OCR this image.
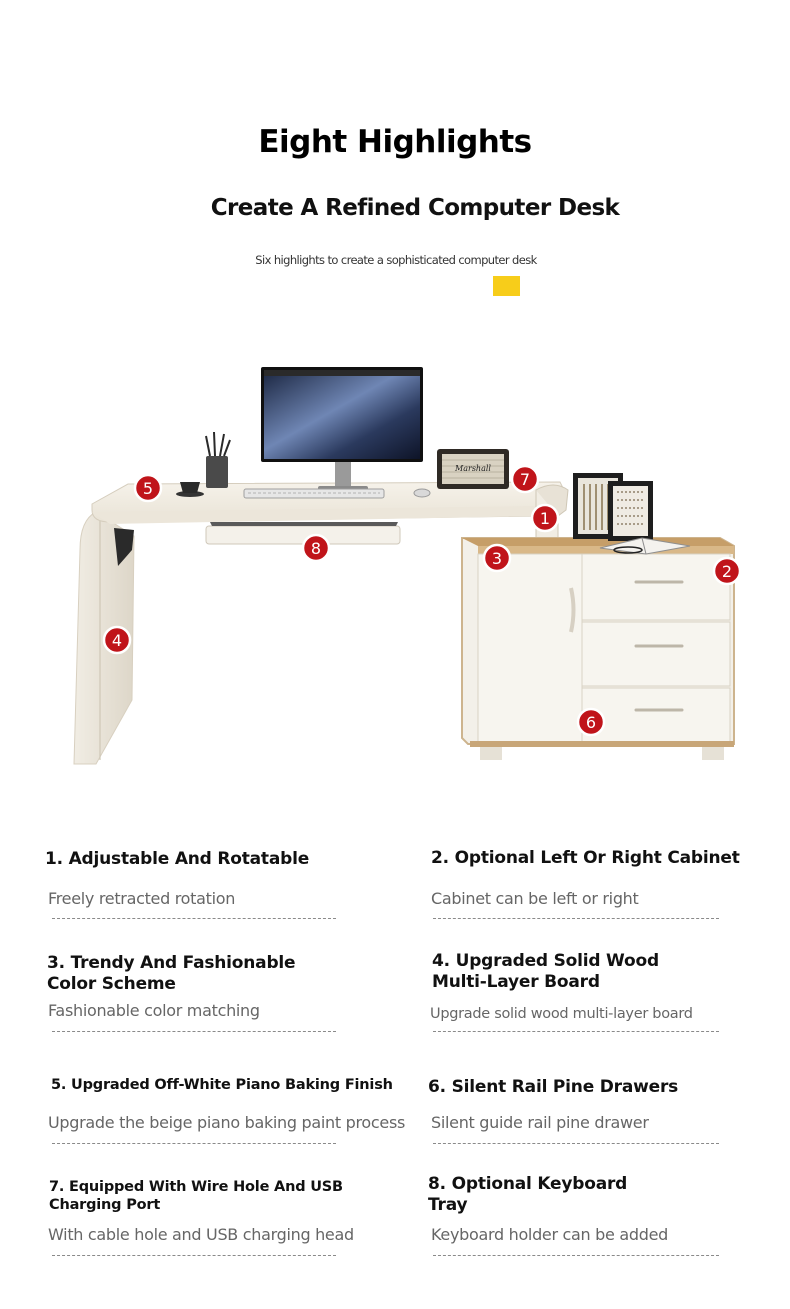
Eight Highlights
Create A Refined Computer Desk
Six highlights to create a sophisticated computer desk
Marshall
1
2
3
4
5
6
7
8
1. Adjustable And Rotatable
Freely retracted rotation
2. Optional Left Or Right Cabinet
Cabinet can be left or right
3. Trendy And Fashionable
Color Scheme
Fashionable color matching
4. Upgraded Solid Wood
Multi-Layer Board
Upgrade solid wood multi-layer board
5. Upgraded Off-White Piano Baking Finish
Upgrade the beige piano baking paint process
6. Silent Rail Pine Drawers
Silent guide rail pine drawer
7. Equipped With Wire Hole And USB
Charging Port
With cable hole and USB charging head
8. Optional Keyboard
Tray
Keyboard holder can be added
